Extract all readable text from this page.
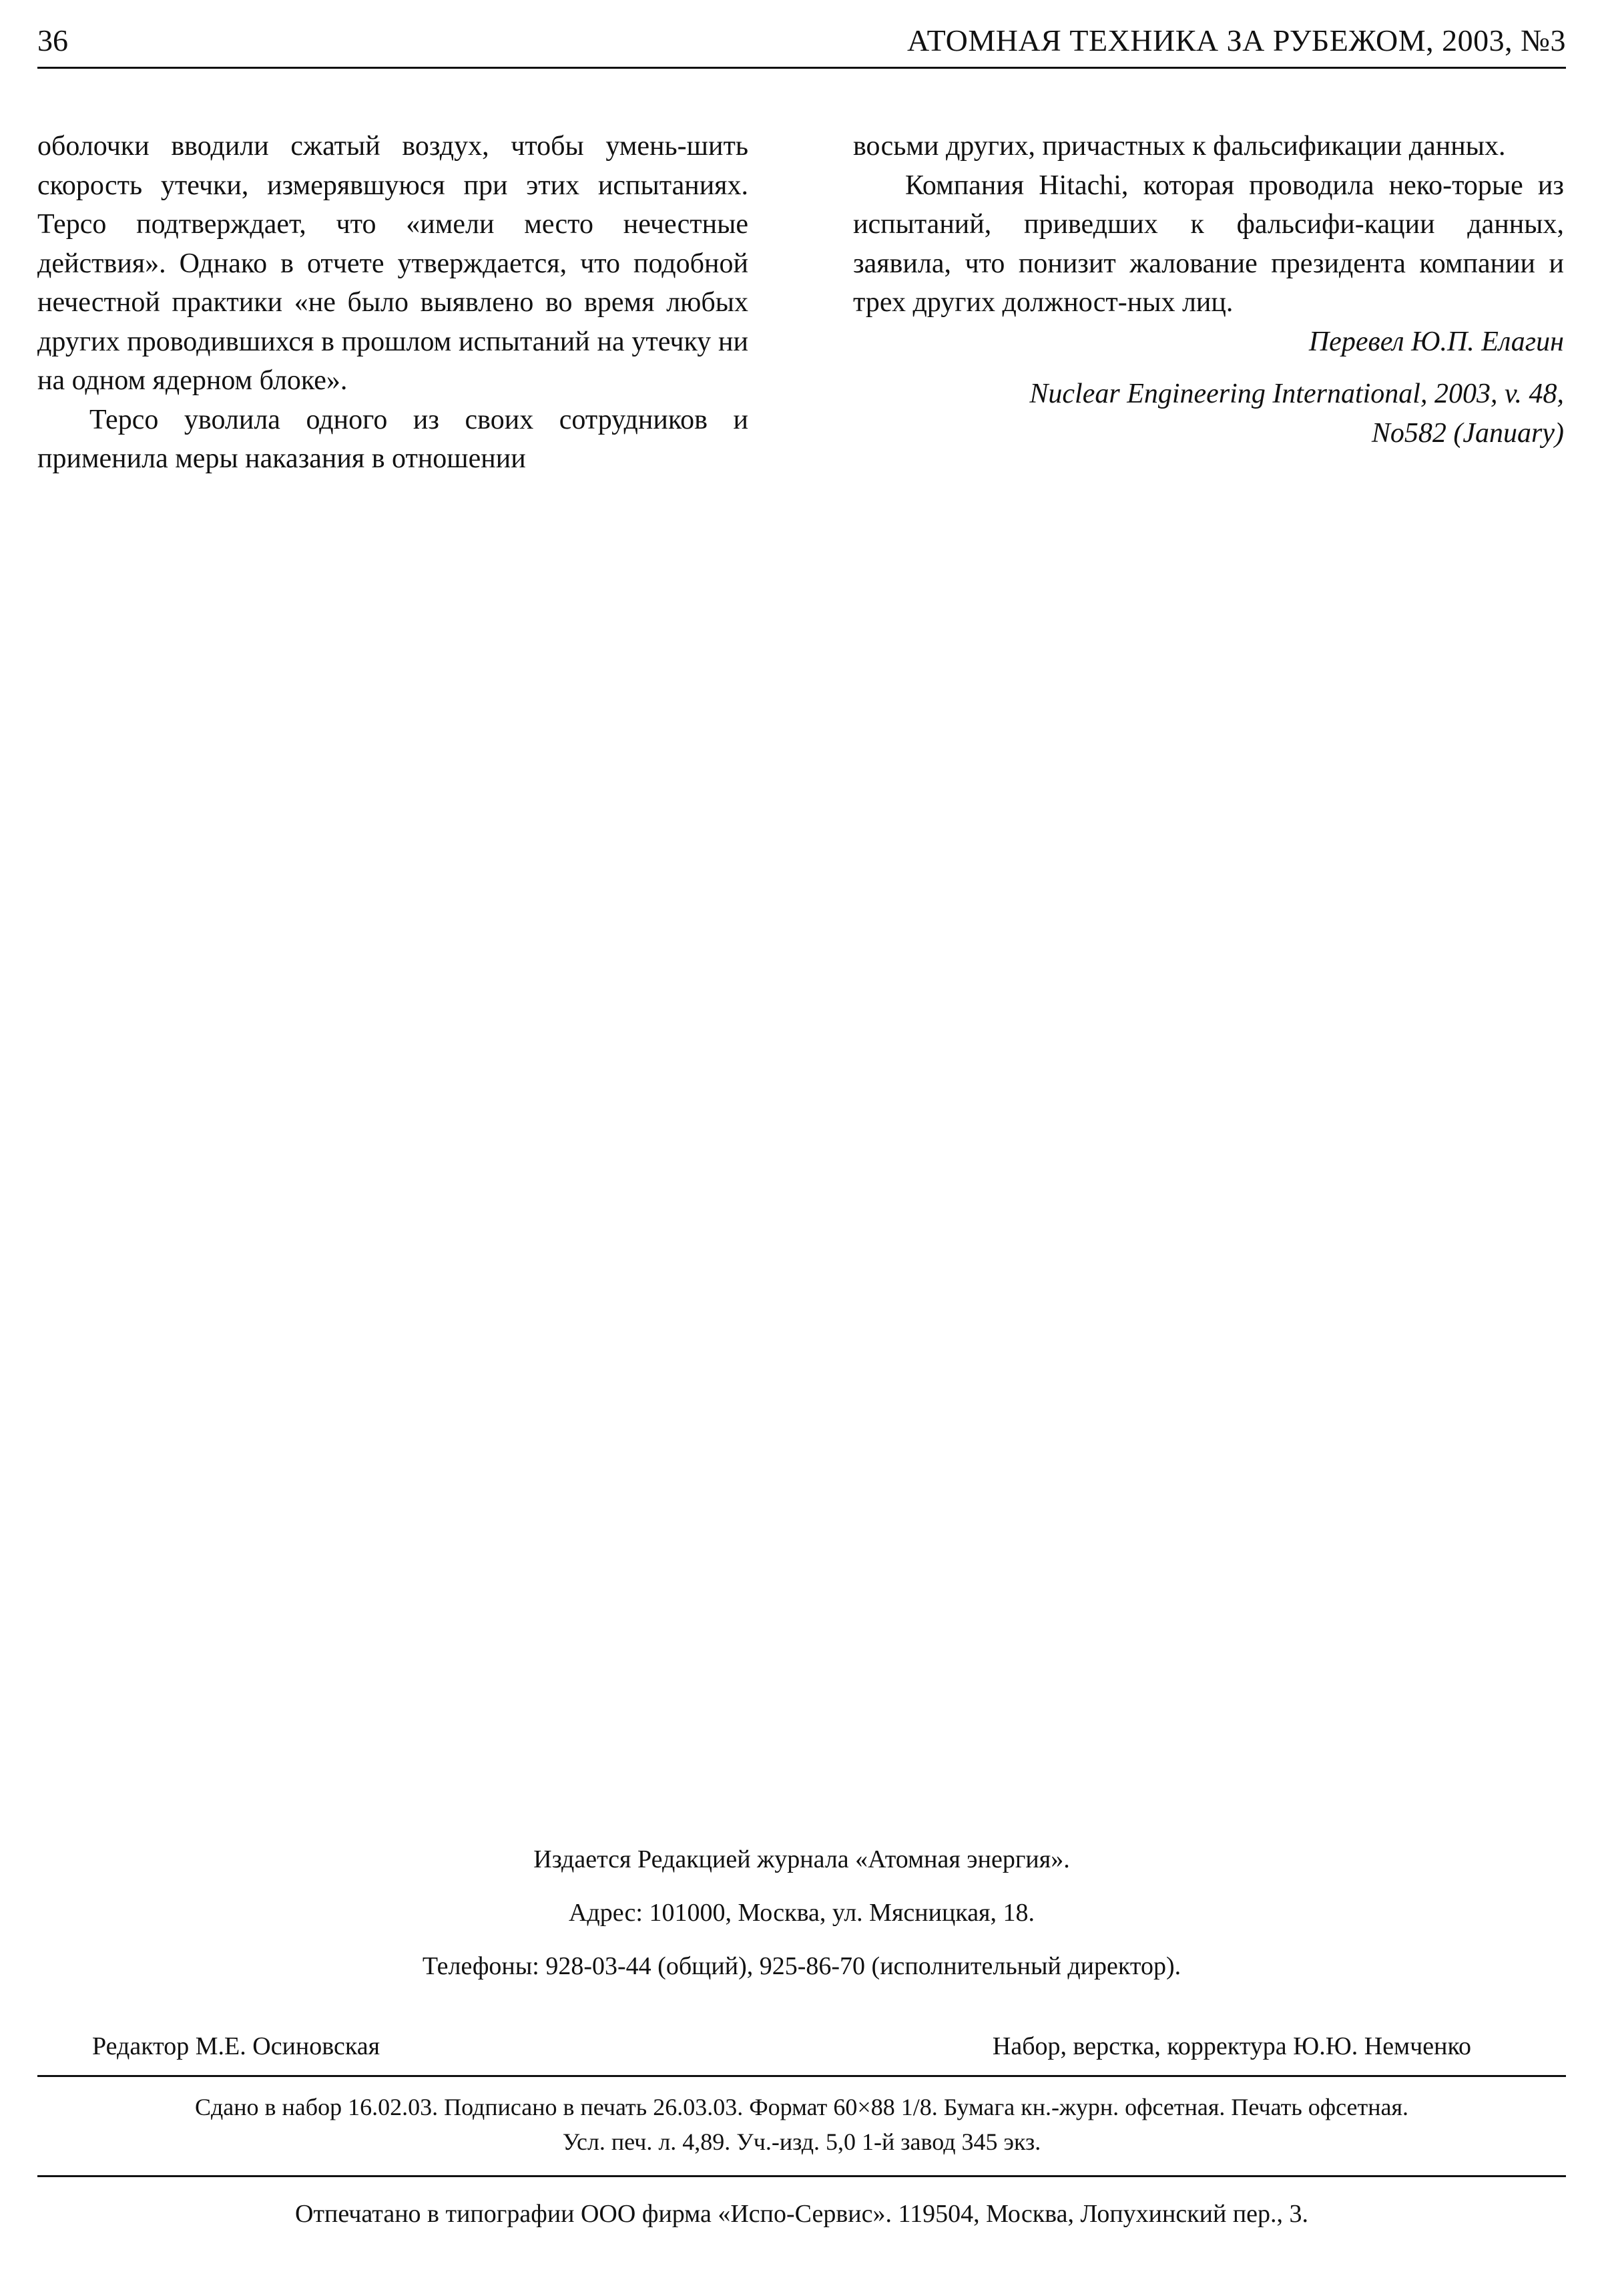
36	АТОМНАЯ ТЕХНИКА ЗА РУБЕЖОМ, 2003, №3

оболочки вводили сжатый воздух, чтобы умень-шить скорость утечки, измерявшуюся при этих испытаниях. Терсо подтверждает, что «имели место нечестные действия». Однако в отчете утверждается, что подобной нечестной практики «не было выявлено во время любых других проводившихся в прошлом испытаний на утечку ни на одном ядерном блоке».

Терсо уволила одного из своих сотрудников и применила меры наказания в отношении

восьми других, причастных к фальсификации данных.

Компания Hitachi, которая проводила неко-торые из испытаний, приведших к фальсифи-кации данных, заявила, что понизит жалование президента компании и трех других должност-ных лиц.

Перевел Ю.П. Елагин

Nuclear Engineering International, 2003, v. 48,
No582 (January)
Издается Редакцией журнала «Атомная энергия».
Адрес: 101000, Москва, ул. Мясницкая, 18.
Телефоны: 928-03-44 (общий), 925-86-70 (исполнительный директор).
Редактор М.Е. Осиновская	Набор, верстка, корректура Ю.Ю. Немченко
Сдано в набор 16.02.03. Подписано в печать 26.03.03. Формат 60×88 1/8. Бумага кн.-журн. офсетная. Печать офсетная.
Усл. печ. л. 4,89. Уч.-изд. 5,0 1-й завод 345 экз.
Отпечатано в типографии ООО фирма «Испо-Сервис». 119504, Москва, Лопухинский пер., 3.
